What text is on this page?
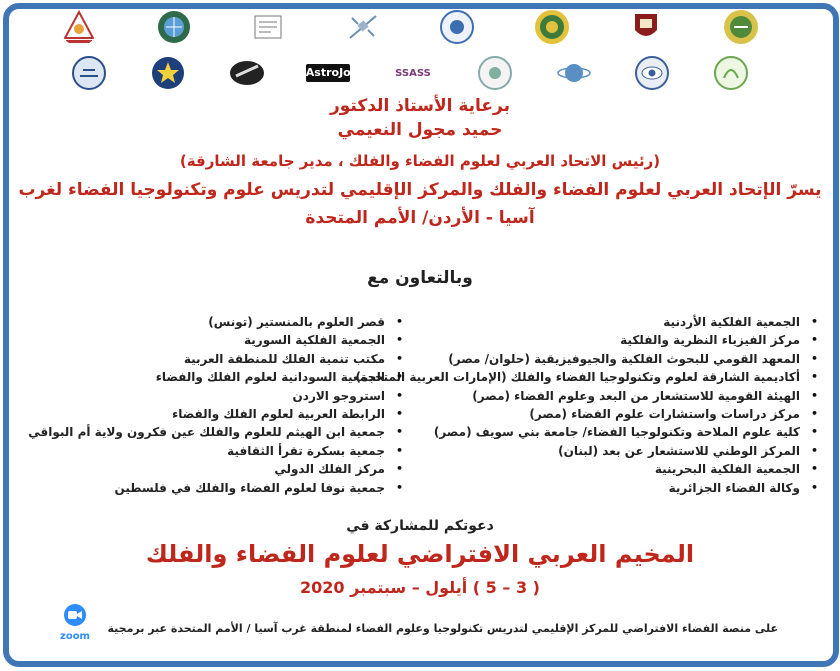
AstroJo	SSASS
برعاية الأستاذ الدكتور
حميد مجول النعيمي
(رئيس الاتحاد العربي لعلوم الفضاء والفلك ، مدير جامعة الشارقة)
يسرّ الإتحاد العربي لعلوم الفضاء والفلك والمركز الإقليمي لتدريس علوم وتكنولوجيا الفضاء لغرب
آسيا - الأردن/ الأمم المتحدة
وبالتعاون مع
• الجمعية الفلكية الأردنية
• مركز الفيزياء النظرية والفلكية
• المعهد القومي للبحوث الفلكية والجيوفيزيقية (حلوان/ مصر)
• أكاديمية الشارقة لعلوم وتكنولوجيا الفضاء والفلك (الإمارات العربية المتحدة)
• الهيئة القومية للاستشعار من البعد وعلوم الفضاء (مصر)
• مركز دراسات واستشارات علوم الفضاء (مصر)
• كلية علوم الملاحة وتكنولوجيا الفضاء/ جامعة بني سويف (مصر)
• المركز الوطني للاستشعار عن بعد (لبنان)
• الجمعية الفلكية البحرينية
• وكالة الفضاء الجزائرية
• قصر العلوم بالمنستير (تونس)
• الجمعية الفلكية السورية
• مكتب تنمية الفلك للمنطقة العربية
• الجمعية السودانية لعلوم الفلك والفضاء
• استروجو الاردن
• الرابطة العربية لعلوم الفلك والفضاء
• جمعية ابن الهيثم للعلوم والفلك عين فكرون ولاية أم البواقي
• جمعية بسكرة تقرأ الثقافية
• مركز الفلك الدولي
• جمعية نوفا لعلوم الفضاء والفلك في فلسطين
دعوتكم للمشاركة في
المخيم العربي الافتراضي لعلوم الفضاء والفلك
( 3 – 5 ) أيلول – سبتمبر 2020
على منصة الفضاء الافتراضي للمركز الإقليمي لتدريس تكنولوجيا وعلوم الفضاء لمنطقة غرب آسيا / الأمم المتحدة عبر برمجية
zoom
